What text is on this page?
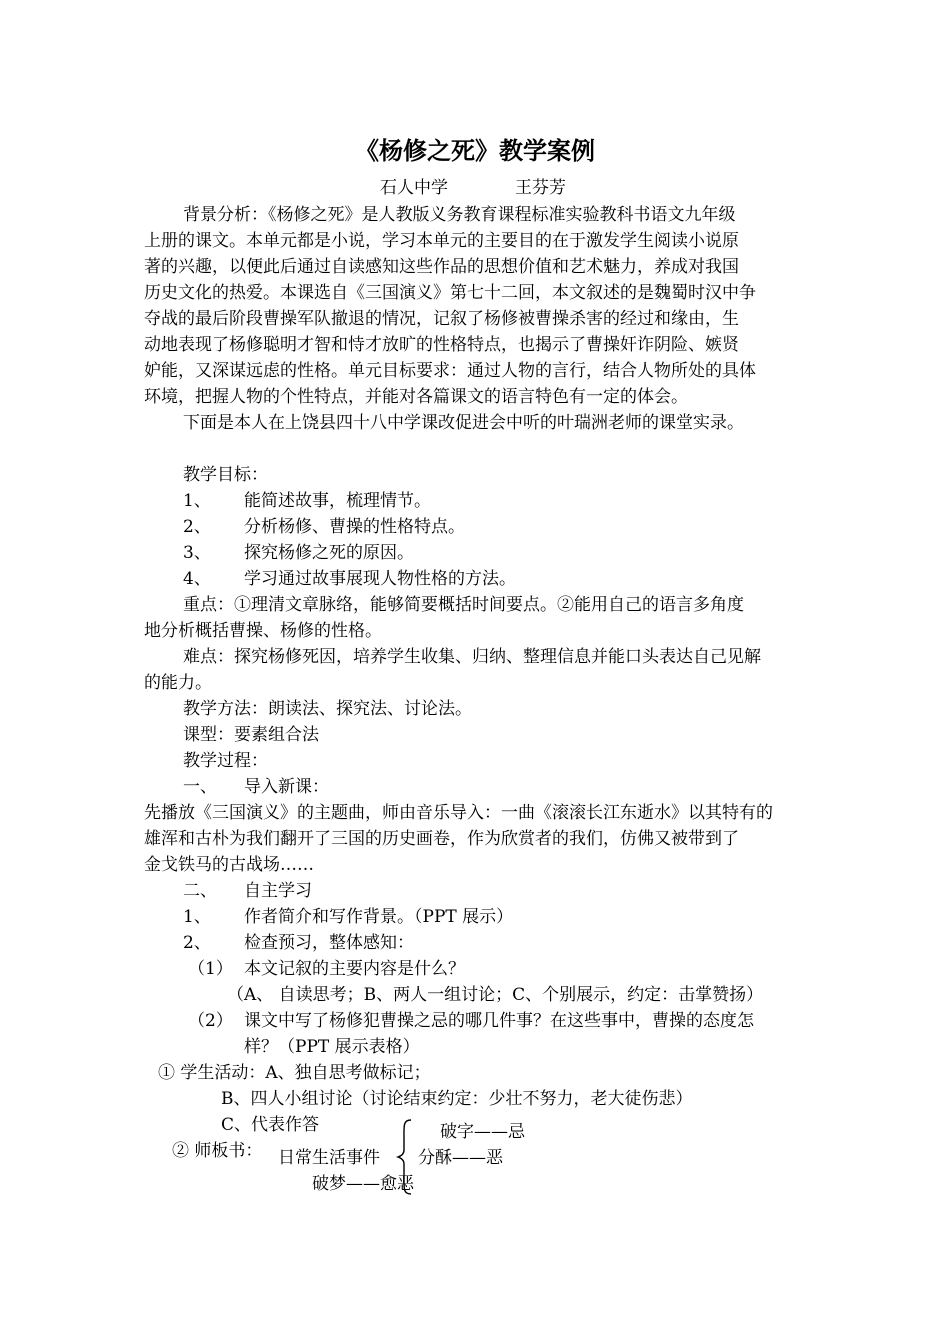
《杨修之死》教学案例
石人中学	王芬芳
背景分析：《杨修之死》是人教版义务教育课程标准实验教科书语文九年级
上册的课文。本单元都是小说，学习本单元的主要目的在于激发学生阅读小说原
著的兴趣，以便此后通过自读感知这些作品的思想价值和艺术魅力，养成对我国
历史文化的热爱。本课选自《三国演义》第七十二回，本文叙述的是魏蜀时汉中争
夺战的最后阶段曹操军队撤退的情况，记叙了杨修被曹操杀害的经过和缘由，生
动地表现了杨修聪明才智和恃才放旷的性格特点，也揭示了曹操奸诈阴险、嫉贤
妒能，又深谋远虑的性格。单元目标要求：通过人物的言行，结合人物所处的具体
环境，把握人物的个性特点，并能对各篇课文的语言特色有一定的体会。
下面是本人在上饶县四十八中学课改促进会中听的叶瑞洲老师的课堂实录。
教学目标：
1、 能简述故事，梳理情节。
2、 分析杨修、曹操的性格特点。
3、 探究杨修之死的原因。
4、 学习通过故事展现人物性格的方法。
重点：①理清文章脉络，能够简要概括时间要点。②能用自己的语言多角度
地分析概括曹操、杨修的性格。
难点：探究杨修死因，培养学生收集、归纳、整理信息并能口头表达自己见解
的能力。
教学方法：朗读法、探究法、讨论法。
课型：要素组合法
教学过程：
一、 导入新课：
先播放《三国演义》的主题曲，师由音乐导入：一曲《滚滚长江东逝水》以其特有的
雄浑和古朴为我们翻开了三国的历史画卷，作为欣赏者的我们，仿佛又被带到了
金戈铁马的古战场……
二、 自主学习
1、 作者简介和写作背景。（PPT 展示）
2、 检查预习，整体感知：
（1） 本文记叙的主要内容是什么？
（A、 自读思考；B、两人一组讨论；C、个别展示，约定：击掌赞扬）
（2） 课文中写了杨修犯曹操之忌的哪几件事？在这些事中，曹操的态度怎
样？（PPT 展示表格）
① 学生活动：A、独自思考做标记；
B、四人小组讨论（讨论结束约定：少壮不努力，老大徒伤悲）
C、代表作答
② 师板书：
破字——忌
日常生活事件 分酥——恶
破梦——愈恶
